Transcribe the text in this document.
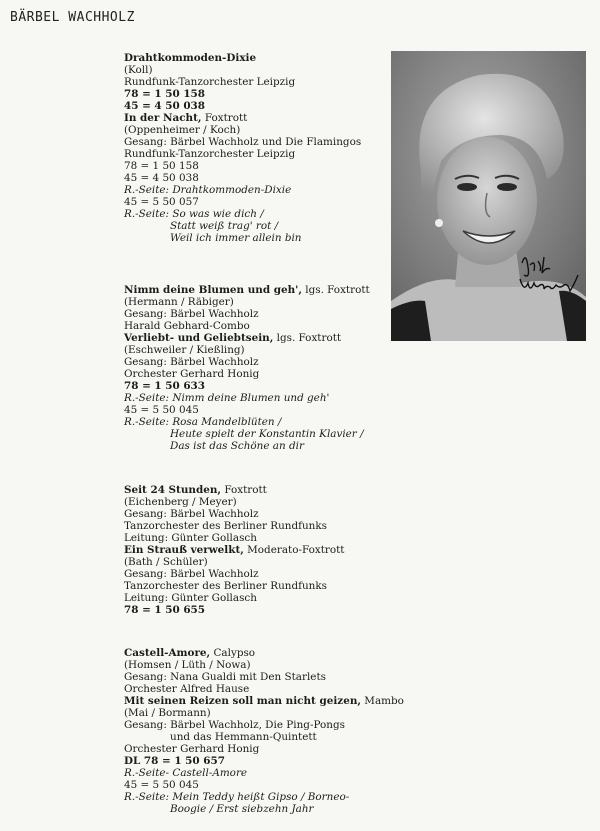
BÄRBEL WACHHOLZ
Drahtkommoden-Dixie
(Koll)
Rundfunk-Tanzorchester Leipzig
78 = 1 50 158
45 = 4 50 038
In der Nacht, Foxtrott
(Oppenheimer / Koch)
Gesang: Bärbel Wachholz und Die Flamingos
Rundfunk-Tanzorchester Leipzig
78 = 1 50 158
45 = 4 50 038
R.-Seite: Drahtkommoden-Dixie
45 = 5 50 057
R.-Seite: So was wie dich /
Statt weiß trag' rot /
Weil ich immer allein bin
Nimm deine Blumen und geh', lgs. Foxtrott
(Hermann / Räbiger)
Gesang: Bärbel Wachholz
Harald Gebhard-Combo
Verliebt- und Geliebtsein, lgs. Foxtrott
(Eschweiler / Kießling)
Gesang: Bärbel Wachholz
Orchester Gerhard Honig
78 = 1 50 633
R.-Seite: Nimm deine Blumen und geh'
45 = 5 50 045
R.-Seite: Rosa Mandelblüten /
Heute spielt der Konstantin Klavier /
Das ist das Schöne an dir
Seit 24 Stunden, Foxtrott
(Eichenberg / Meyer)
Gesang: Bärbel Wachholz
Tanzorchester des Berliner Rundfunks
Leitung: Günter Gollasch
Ein Strauß verwelkt, Moderato-Foxtrott
(Bath / Schüler)
Gesang: Bärbel Wachholz
Tanzorchester des Berliner Rundfunks
Leitung: Günter Gollasch
78 = 1 50 655
Castell-Amore, Calypso
(Homsen / Lüth / Nowa)
Gesang: Nana Gualdi mit Den Starlets
Orchester Alfred Hause
Mit seinen Reizen soll man nicht geizen, Mambo
(Mai / Bormann)
Gesang: Bärbel Wachholz, Die Ping-Pongs
und das Hemmann-Quintett
Orchester Gerhard Honig
DL 78 = 1 50 657
R.-Seite- Castell-Amore
45 = 5 50 045
R.-Seite: Mein Teddy heißt Gipso / Borneo-
Boogie / Erst siebzehn Jahr
